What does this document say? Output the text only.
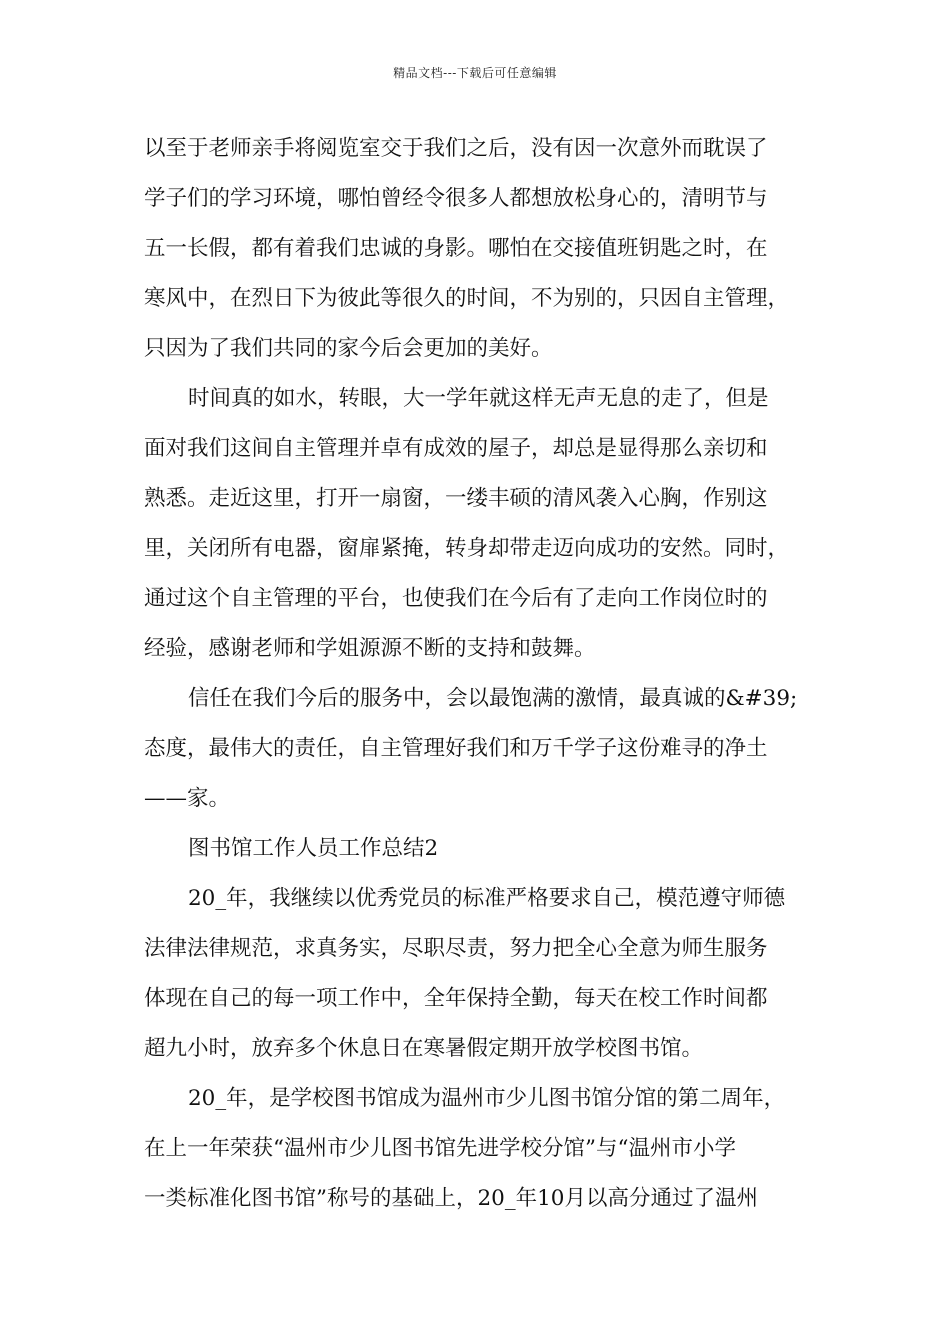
精品文档---下载后可任意编辑
以至于老师亲手将阅览室交于我们之后，没有因一次意外而耽误了
学子们的学习环境，哪怕曾经令很多人都想放松身心的，清明节与
五一长假，都有着我们忠诚的身影。哪怕在交接值班钥匙之时，在
寒风中，在烈日下为彼此等很久的时间，不为别的，只因自主管理，
只因为了我们共同的家今后会更加的美好。
时间真的如水，转眼，大一学年就这样无声无息的走了，但是
面对我们这间自主管理并卓有成效的屋子，却总是显得那么亲切和
熟悉。走近这里，打开一扇窗，一缕丰硕的清风袭入心胸，作别这
里，关闭所有电器，窗扉紧掩，转身却带走迈向成功的安然。同时，
通过这个自主管理的平台，也使我们在今后有了走向工作岗位时的
经验，感谢老师和学姐源源不断的支持和鼓舞。
信任在我们今后的服务中，会以最饱满的激情，最真诚的&#39;
态度，最伟大的责任，自主管理好我们和万千学子这份难寻的净土
——家。
图书馆工作人员工作总结2
20_年，我继续以优秀党员的标准严格要求自己，模范遵守师德
法律法律规范，求真务实，尽职尽责，努力把全心全意为师生服务
体现在自己的每一项工作中，全年保持全勤，每天在校工作时间都
超九小时，放弃多个休息日在寒暑假定期开放学校图书馆。
20_年，是学校图书馆成为温州市少儿图书馆分馆的第二周年，
在上一年荣获“温州市少儿图书馆先进学校分馆”与“温州市小学
一类标准化图书馆”称号的基础上，20_年10月以高分通过了温州
